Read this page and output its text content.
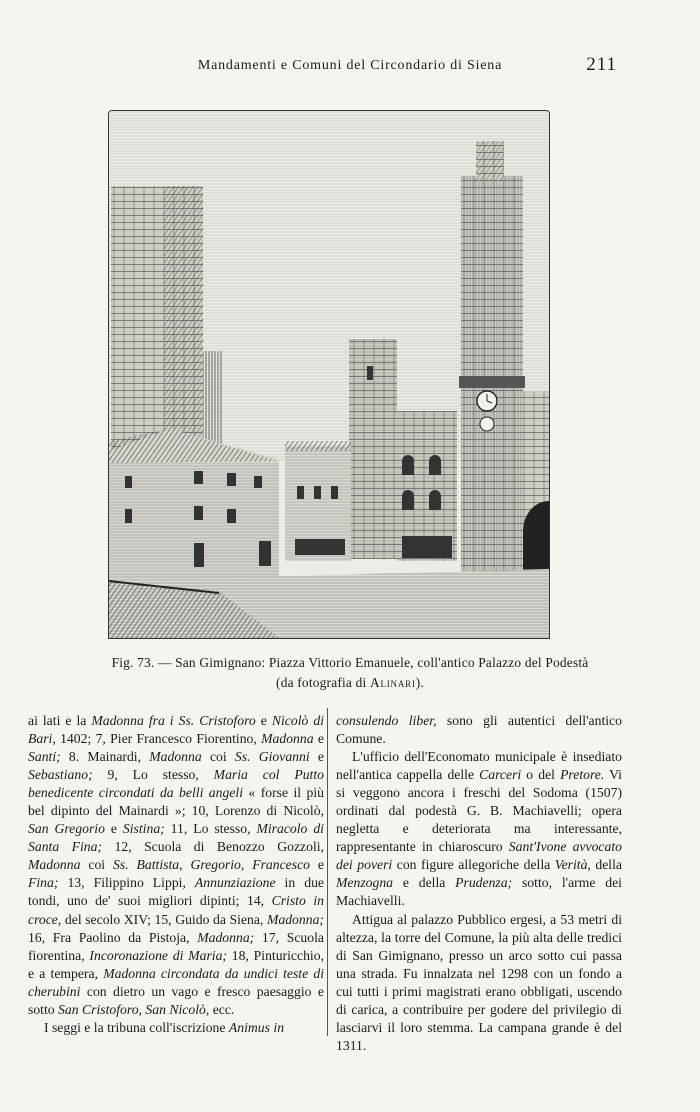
Mandamenti e Comuni del Circondario di Siena	211
Fig. 73. — San Gimignano: Piazza Vittorio Emanuele, coll'antico Palazzo del Podestà
(da fotografia di Alinari).

ai lati e la Madonna fra i Ss. Cristoforo e Nicolò di Bari, 1402; 7, Pier Francesco Fiorentino, Madonna e Santi; 8. Mainardi, Madonna coi Ss. Giovanni e Sebastiano; 9, Lo stesso, Maria col Putto benedicente circondati da belli angeli « forse il più bel dipinto del Mainardi »; 10, Lorenzo di Nicolò, San Gregorio e Sistina; 11, Lo stesso, Miracolo di Santa Fina; 12, Scuola di Benozzo Gozzoli, Madonna coi Ss. Battista, Gregorio, Francesco e Fina; 13, Filippino Lippi, Annunziazione in due tondi, uno de' suoi migliori dipinti; 14, Cristo in croce, del secolo XIV; 15, Guido da Siena, Madonna; 16, Fra Paolino da Pistoja, Madonna; 17, Scuola fiorentina, Incoronazione di Maria; 18, Pinturicchio, e a tempera, Madonna circondata da undici teste di cherubini con dietro un vago e fresco paesaggio e sotto San Cristoforo, San Nicolò, ecc.

I seggi e la tribuna coll'iscrizione Animus in

consulendo liber, sono gli autentici dell'antico Comune.

L'ufficio dell'Economato municipale è insediato nell'antica cappella delle Carceri o del Pretore. Vi si veggono ancora i freschi del Sodoma (1507) ordinati dal podestà G. B. Machiavelli; opera negletta e deteriorata ma interessante, rappresentante in chiaroscuro Sant'Ivone avvocato dei poveri con figure allegoriche della Verità, della Menzogna e della Prudenza; sotto, l'arme dei Machiavelli.

Attigua al palazzo Pubblico ergesi, a 53 metri di altezza, la torre del Comune, la più alta delle tredici di San Gimignano, presso un arco sotto cui passa una strada. Fu innalzata nel 1298 con un fondo a cui tutti i primi magistrati erano obbligati, uscendo di carica, a contribuire per godere del privilegio di lasciarvi il loro stemma. La campana grande è del 1311.
